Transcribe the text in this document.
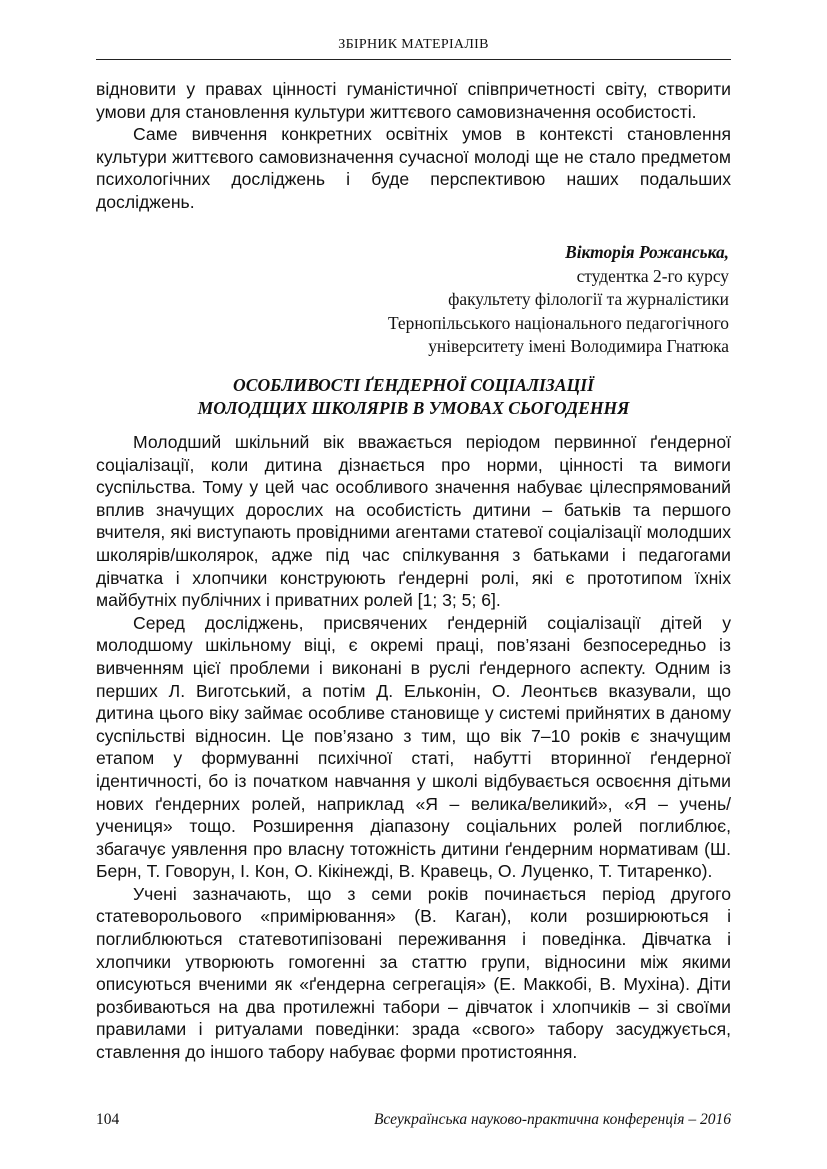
ЗБІРНИК МАТЕРІАЛІВ

відновити у правах цінності гуманістичної співпричетності світу, створити умови для становлення культури життєвого самовизначення особистості.

Саме вивчення конкретних освітніх умов в контексті становлення культури життєвого самовизначення сучасної молоді ще не стало предметом психологічних досліджень і буде перспективою наших подальших досліджень.

Вікторія Рожанська,
студентка 2-го курсу
факультету філології та журналістики
Тернопільського національного педагогічного
університету імені Володимира Гнатюка
ОСОБЛИВОСТІ ҐЕНДЕРНОЇ СОЦІАЛІЗАЦІЇ
МОЛОДЩИХ ШКОЛЯРІВ В УМОВАХ СЬОГОДЕННЯ

Молодший шкільний вік вважається періодом первинної ґендерної соціалізації, коли дитина дізнається про норми, цінності та вимоги суспільства. Тому у цей час особливого значення набуває цілеспрямований вплив значущих дорослих на особистість дитини – батьків та першого вчителя, які виступають провідними агентами статевої соціалізації молодших школярів/школярок, адже під час спілкування з батьками і педагогами дівчатка і хлопчики конструюють ґендерні ролі, які є прототипом їхніх майбутніх публічних і приватних ролей [1; 3; 5; 6].

Серед досліджень, присвячених ґендерній соціалізації дітей у молодшому шкільному віці, є окремі праці, пов’язані безпосередньо із вивченням цієї проблеми і виконані в руслі ґендерного аспекту. Одним із перших Л. Виготський, а потім Д. Ельконін, О. Леонтьєв вказували, що дитина цього віку займає особливе становище у системі прийнятих в даному суспільстві відносин. Це пов’язано з тим, що вік 7–10 років є значущим етапом у формуванні психічної статі, набутті вторинної ґендерної ідентичності, бо із початком навчання у школі відбувається освоєння дітьми нових ґендерних ролей, наприклад «Я – велика/великий», «Я – учень/учениця» тощо. Розширення діапазону соціальних ролей поглиблює, збагачує уявлення про власну тотожність дитини ґендерним нормативам (Ш. Берн, Т. Говорун, І. Кон, О. Кікінежді, В. Кравець, О. Луценко, Т. Титаренко).

Учені зазначають, що з семи років починається період другого статеворольового «примірювання» (В. Каган), коли розширюються і поглиблюються статевотипізовані переживання і поведінка. Дівчатка і хлопчики утворюють гомогенні за статтю групи, відносини між якими описуються вченими як «ґендерна сегрегація» (Е. Маккобі, В. Мухіна). Діти розбиваються на два протилежні табори – дівчаток і хлопчиків – зі своїми правилами і ритуалами поведінки: зрада «свого» табору засуджується, ставлення до іншого табору набуває форми протистояння.

104	Всеукраїнська науково-практична конференція – 2016
